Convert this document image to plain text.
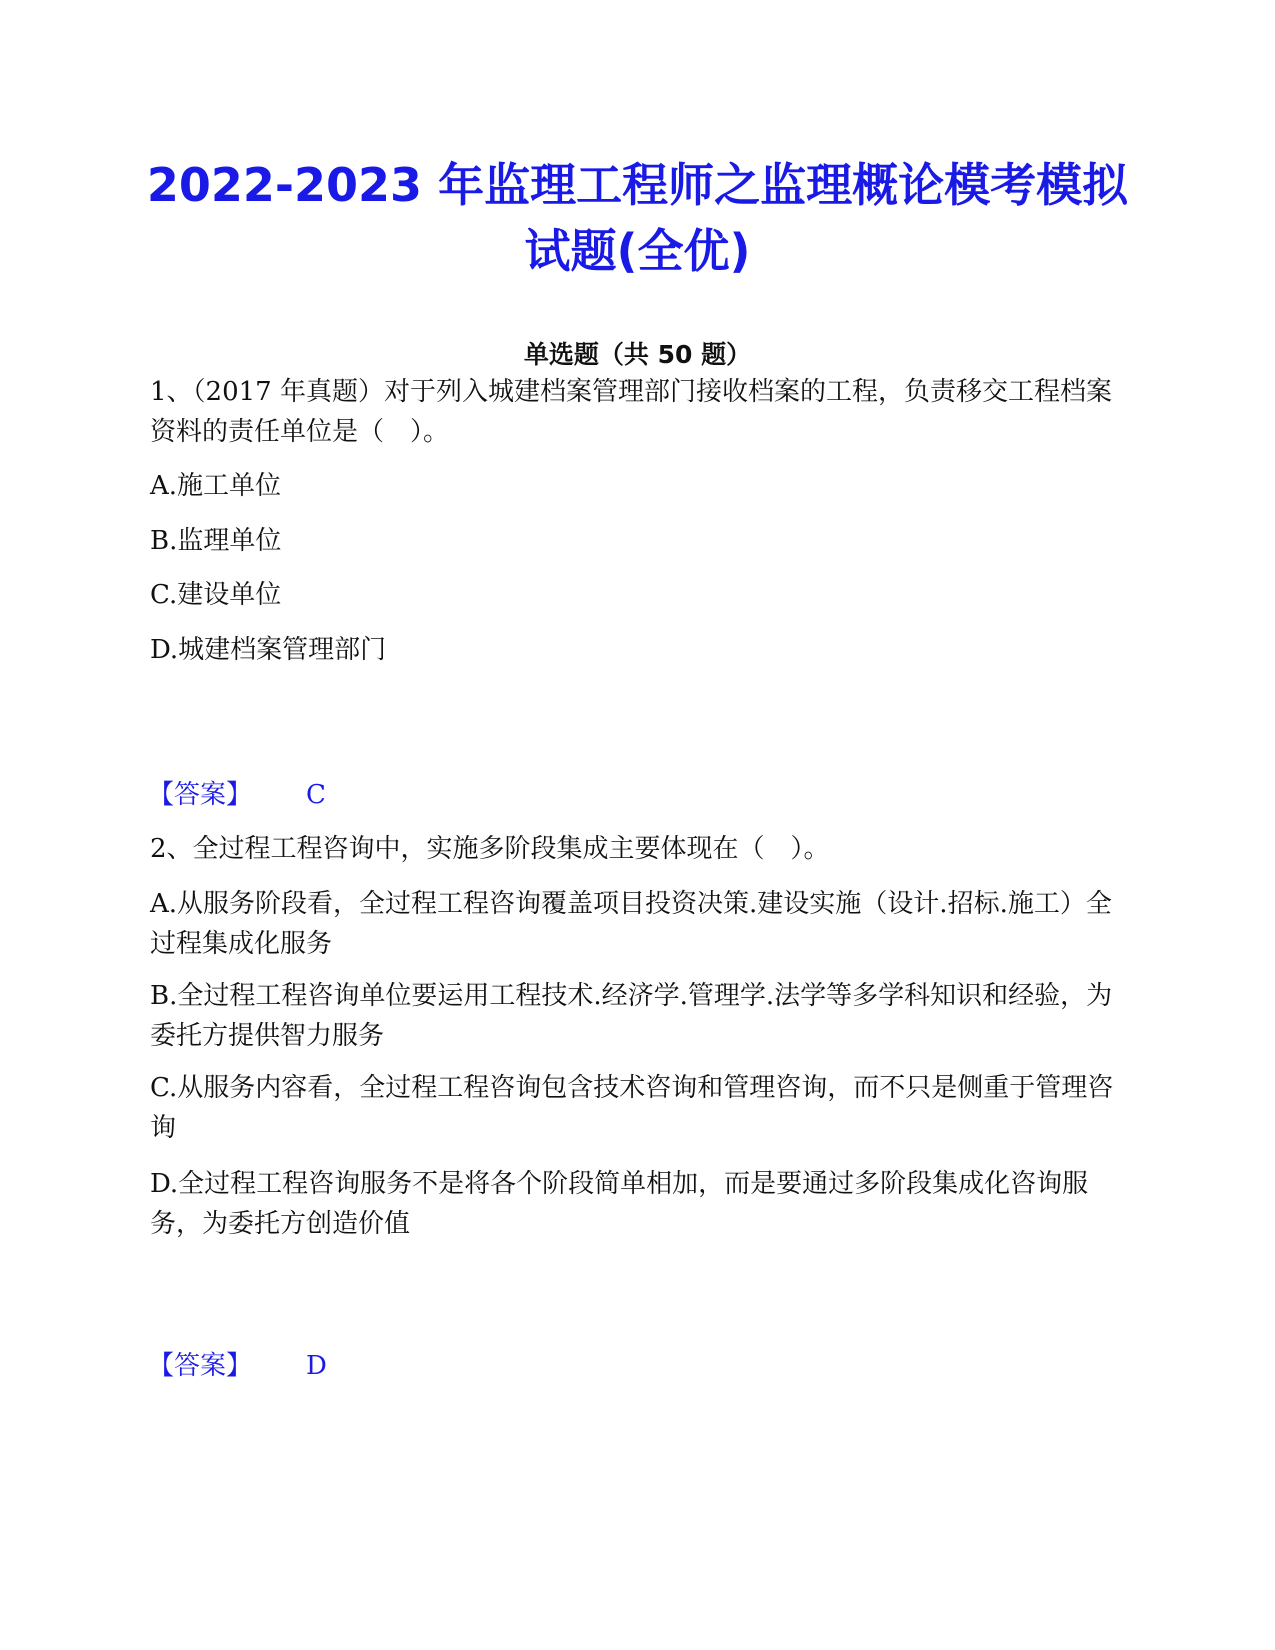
2022-2023 年监理工程师之监理概论模考模拟试题(全优)
单选题（共 50 题）
1、（2017 年真题）对于列入城建档案管理部门接收档案的工程，负责移交工程档案资料的责任单位是（　）。
A.施工单位
B.监理单位
C.建设单位
D.城建档案管理部门
【答案】 C
2、全过程工程咨询中，实施多阶段集成主要体现在（　）。
A.从服务阶段看，全过程工程咨询覆盖项目投资决策.建设实施（设计.招标.施工）全过程集成化服务
B.全过程工程咨询单位要运用工程技术.经济学.管理学.法学等多学科知识和经验，为委托方提供智力服务
C.从服务内容看，全过程工程咨询包含技术咨询和管理咨询，而不只是侧重于管理咨询
D.全过程工程咨询服务不是将各个阶段简单相加，而是要通过多阶段集成化咨询服务，为委托方创造价值
【答案】 D
